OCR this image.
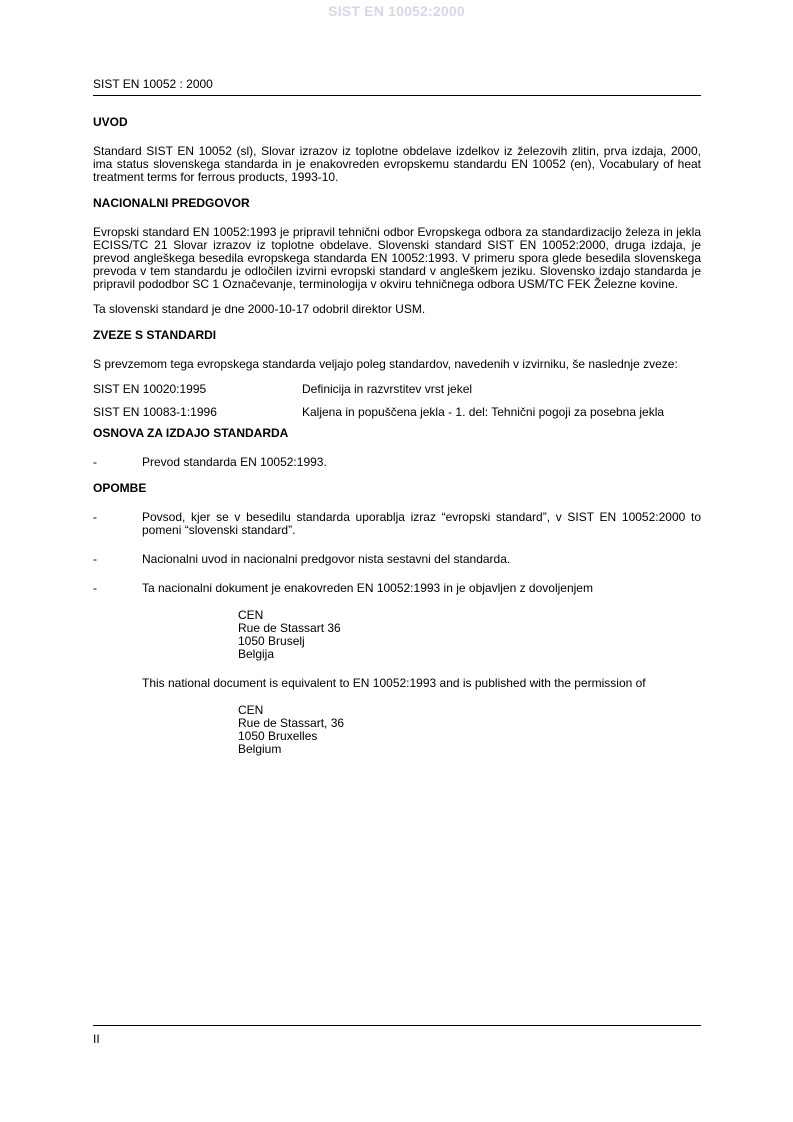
SIST EN 10052:2000
SIST EN 10052 : 2000
UVOD

Standard SIST EN 10052 (sl), Slovar izrazov iz toplotne obdelave izdelkov iz železovih zlitin, prva izdaja, 2000, ima status slovenskega standarda in je enakovreden evropskemu standardu EN 10052 (en), Vocabulary of heat treatment terms for ferrous products, 1993-10.

NACIONALNI PREDGOVOR

Evropski standard EN 10052:1993 je pripravil tehnični odbor Evropskega odbora za standardizacijo železa in jekla ECISS/TC 21 Slovar izrazov iz toplotne obdelave. Slovenski standard SIST EN 10052:2000, druga izdaja, je prevod angleškega besedila evropskega standarda EN 10052:1993. V primeru spora glede besedila slovenskega prevoda v tem standardu je odločilen izvirni evropski standard v angleškem jeziku. Slovensko izdajo standarda je pripravil pododbor SC 1 Označevanje, terminologija v okviru tehničnega odbora USM/TC FEK Železne kovine.

Ta slovenski standard je dne 2000-10-17 odobril direktor USM.

ZVEZE S STANDARDI

S prevzemom tega evropskega standarda veljajo poleg standardov, navedenih v izvirniku, še naslednje zveze:

SIST EN 10020:1995	Definicija in razvrstitev vrst jekel
SIST EN 10083-1:1996	Kaljena in popuščena jekla - 1. del: Tehnični pogoji za posebna jekla
OSNOVA ZA IZDAJO STANDARDA
-	Prevod standarda EN 10052:1993.
OPOMBE
-	Povsod, kjer se v besedilu standarda uporablja izraz “evropski standard”, v SIST EN 10052:2000 to pomeni “slovenski standard”.
-	Nacionalni uvod in nacionalni predgovor nista sestavni del standarda.
-	Ta nacionalni dokument je enakovreden EN 10052:1993 in je objavljen z dovoljenjem
CEN
Rue de Stassart 36
1050 Bruselj
Belgija

This national document is equivalent to EN 10052:1993 and is published with the permission of

CEN
Rue de Stassart, 36
1050 Bruxelles
Belgium
II
